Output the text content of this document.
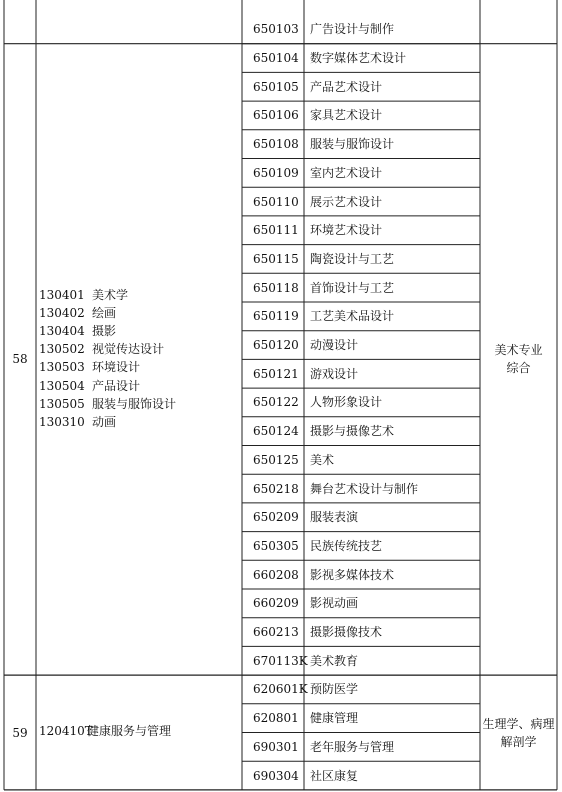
650103 广告设计与制作
650104 数字媒体艺术设计
650105 产品艺术设计
650106 家具艺术设计
650108 服装与服饰设计
650109 室内艺术设计
650110 展示艺术设计
650111 环境艺术设计
650115 陶瓷设计与工艺
650118 首饰设计与工艺
650119 工艺美术品设计
650120 动漫设计
650121 游戏设计
650122 人物形象设计
650124 摄影与摄像艺术
650125 美术
650218 舞台艺术设计与制作
650209 服装表演
650305 民族传统技艺
660208 影视多媒体技术
660209 影视动画
660213 摄影摄像技术
670113K 美术教育
620601K 预防医学
620801 健康管理
690301 老年服务与管理
690304 社区康复
58
130401 美术学
130402 绘画
130404 摄影
130502 视觉传达设计
130503 环境设计
130504 产品设计
130505 服装与服饰设计
130310 动画
美术专业
综合
59 120410T
健康服务与管理
生理学、病理
解剖学
